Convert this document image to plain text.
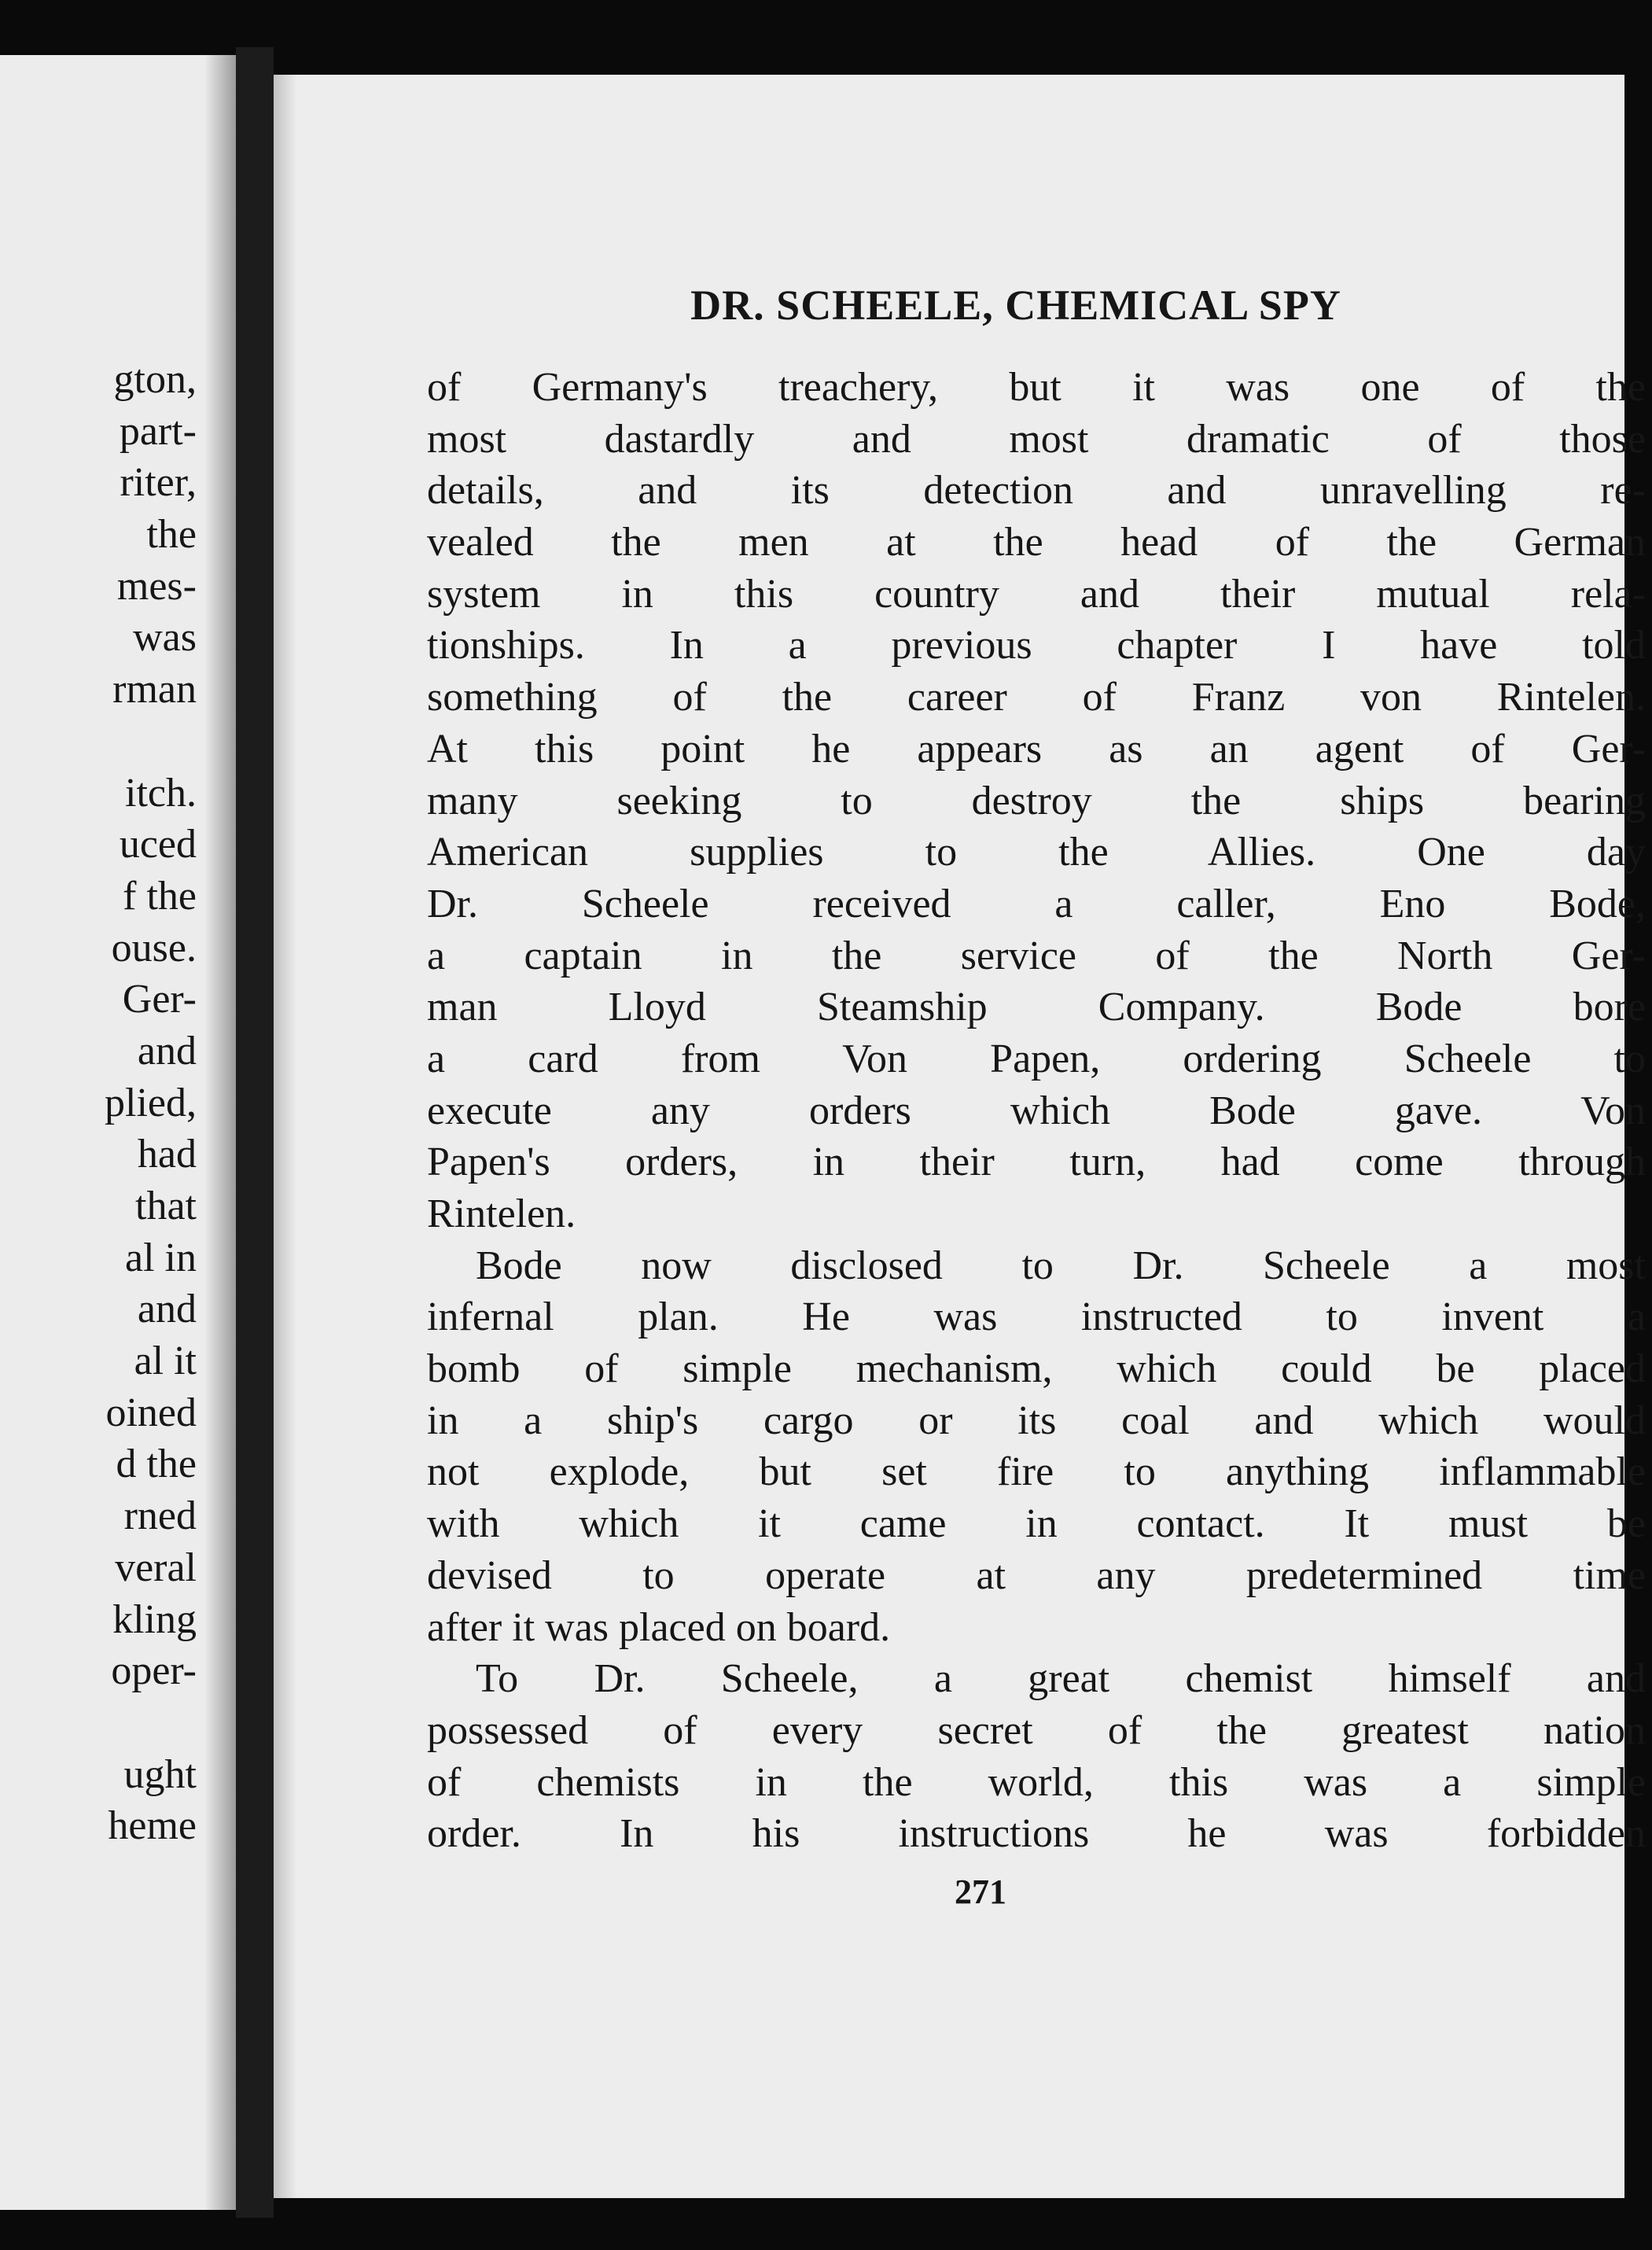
gton,
part-
riter,
the
mes-
was
rman
itch.
uced
f the
ouse.
Ger-
and
plied,
had
that
al in
and
al it
oined
d the
rned
veral
kling
oper-
ught
heme
DR. SCHEELE, CHEMICAL SPY
of Germany's treachery, but it was one of the
most dastardly and most dramatic of those
details, and its detection and unravelling re-
vealed the men at the head of the German
system in this country and their mutual rela-
tionships. In a previous chapter I have told
something of the career of Franz von Rintelen.
At this point he appears as an agent of Ger-
many seeking to destroy the ships bearing
American supplies to the Allies. One day
Dr. Scheele received a caller, Eno Bode,
a captain in the service of the North Ger-
man Lloyd Steamship Company. Bode bore
a card from Von Papen, ordering Scheele to
execute any orders which Bode gave. Von
Papen's orders, in their turn, had come through
Rintelen.
Bode now disclosed to Dr. Scheele a most
infernal plan. He was instructed to invent a
bomb of simple mechanism, which could be placed
in a ship's cargo or its coal and which would
not explode, but set fire to anything inflammable
with which it came in contact. It must be
devised to operate at any predetermined time
after it was placed on board.
To Dr. Scheele, a great chemist himself and
possessed of every secret of the greatest nation
of chemists in the world, this was a simple
order. In his instructions he was forbidden
271
